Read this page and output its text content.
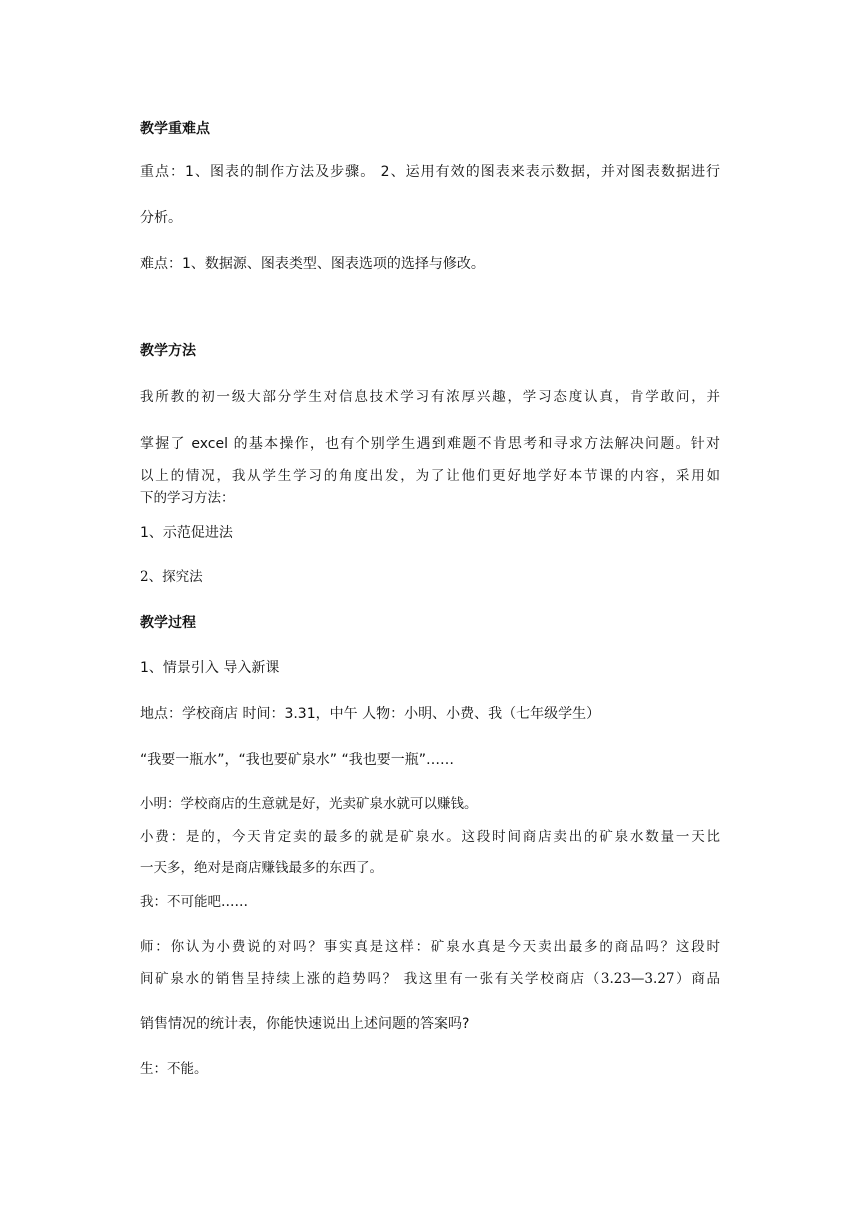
教学重难点
重点：1、图表的制作方法及步骤。 2、运用有效的图表来表示数据，并对图表数据进行
分析。
难点：1、数据源、图表类型、图表选项的选择与修改。
教学方法
我所教的初一级大部分学生对信息技术学习有浓厚兴趣，学习态度认真，肯学敢问，并
掌握了 excel 的基本操作，也有个别学生遇到难题不肯思考和寻求方法解决问题。针对
以上的情况，我从学生学习的角度出发，为了让他们更好地学好本节课的内容，采用如
下的学习方法：
1、示范促进法
2、探究法
教学过程
1、情景引入 导入新课
地点：学校商店 时间：3.31，中午 人物：小明、小费、我（七年级学生）
“我要一瓶水”，“我也要矿泉水” “我也要一瓶”……
小明：学校商店的生意就是好，光卖矿泉水就可以赚钱。
小费：是的，今天肯定卖的最多的就是矿泉水。这段时间商店卖出的矿泉水数量一天比
一天多，绝对是商店赚钱最多的东西了。
我：不可能吧……
师：你认为小费说的对吗？事实真是这样：矿泉水真是今天卖出最多的商品吗？这段时
间矿泉水的销售呈持续上涨的趋势吗？ 我这里有一张有关学校商店（3.23—3.27）商品
销售情况的统计表，你能快速说出上述问题的答案吗?
生：不能。
